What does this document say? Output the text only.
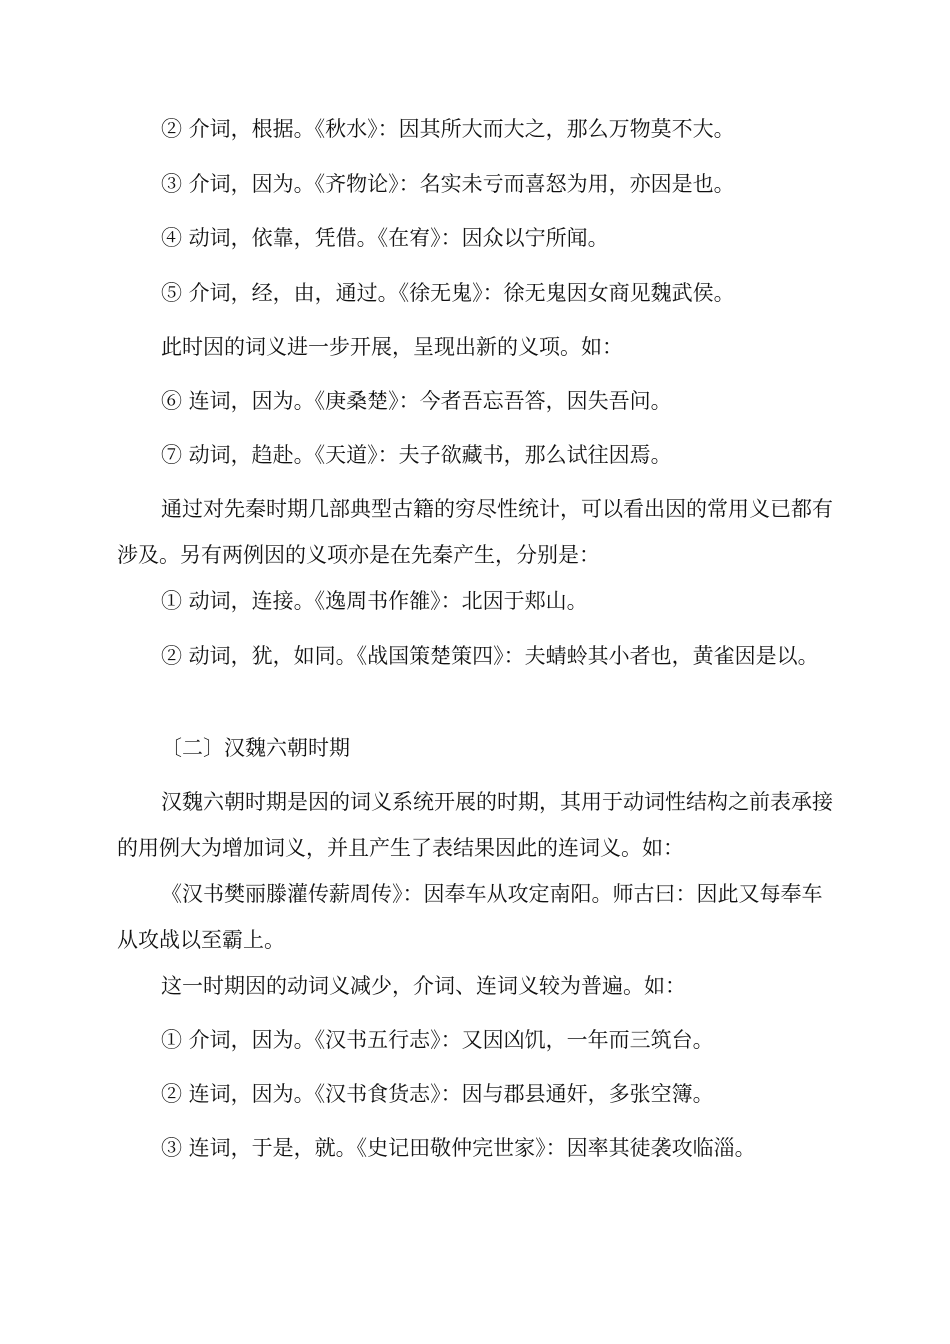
② 介词，根据。《秋水》：因其所大而大之，那么万物莫不大。

③ 介词，因为。《齐物论》：名实未亏而喜怒为用，亦因是也。

④ 动词，依靠，凭借。《在宥》：因众以宁所闻。

⑤ 介词，经，由，通过。《徐无鬼》：徐无鬼因女商见魏武侯。

此时因的词义进一步开展，呈现出新的义项。如：

⑥ 连词，因为。《庚桑楚》：今者吾忘吾答，因失吾问。

⑦ 动词，趋赴。《天道》：夫子欲藏书，那么试往因焉。

通过对先秦时期几部典型古籍的穷尽性统计，可以看出因的常用义已都有涉及。另有两例因的义项亦是在先秦产生，分别是：

① 动词，连接。《逸周书作雒》：北因于郏山。

② 动词，犹，如同。《战国策楚策四》：夫蜻蛉其小者也，黄雀因是以。

〔二〕汉魏六朝时期

汉魏六朝时期是因的词义系统开展的时期，其用于动词性结构之前表承接的用例大为增加词义，并且产生了表结果因此的连词义。如：

《汉书樊丽滕灌传薪周传》：因奉车从攻定南阳。师古曰：因此又每奉车从攻战以至霸上。

这一时期因的动词义减少，介词、连词义较为普遍。如：

① 介词，因为。《汉书五行志》：又因凶饥，一年而三筑台。

② 连词，因为。《汉书食货志》：因与郡县通奸，多张空簿。

③ 连词，于是，就。《史记田敬仲完世家》：因率其徒袭攻临淄。
